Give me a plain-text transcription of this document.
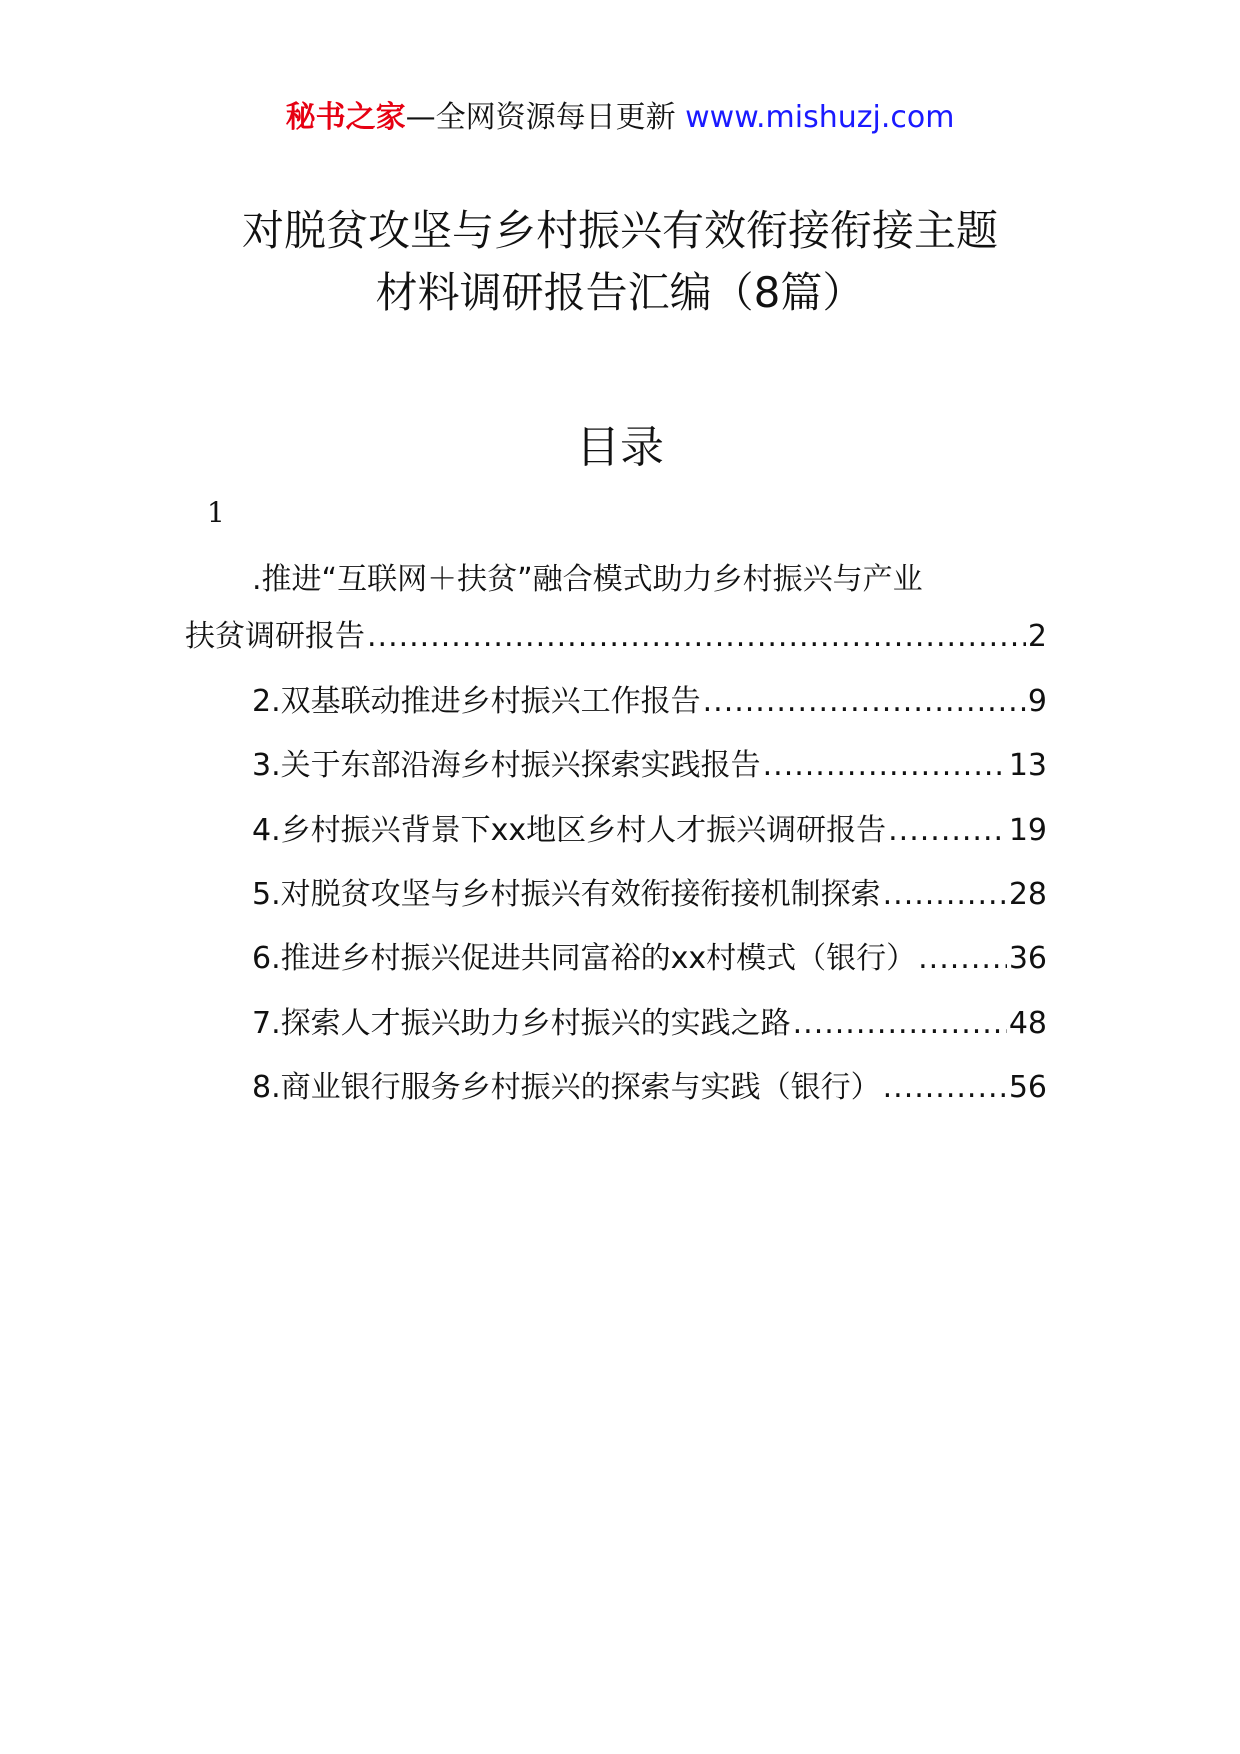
秘书之家—全网资源每日更新 www.mishuzj.com
对脱贫攻坚与乡村振兴有效衔接衔接主题
材料调研报告汇编（8篇）
目录
1
.推进“互联网＋扶贫”融合模式助力乡村振兴与产业
扶贫调研报告 .....	2
2.双基联动推进乡村振兴工作报告 .....	9
3.关于东部沿海乡村振兴探索实践报告 .....	13
4.乡村振兴背景下xx地区乡村人才振兴调研报告 .....	19
5.对脱贫攻坚与乡村振兴有效衔接衔接机制探索 .....	28
6.推进乡村振兴促进共同富裕的xx村模式（银行） .....	36
7.探索人才振兴助力乡村振兴的实践之路 .....	48
8.商业银行服务乡村振兴的探索与实践（银行） .....	56
